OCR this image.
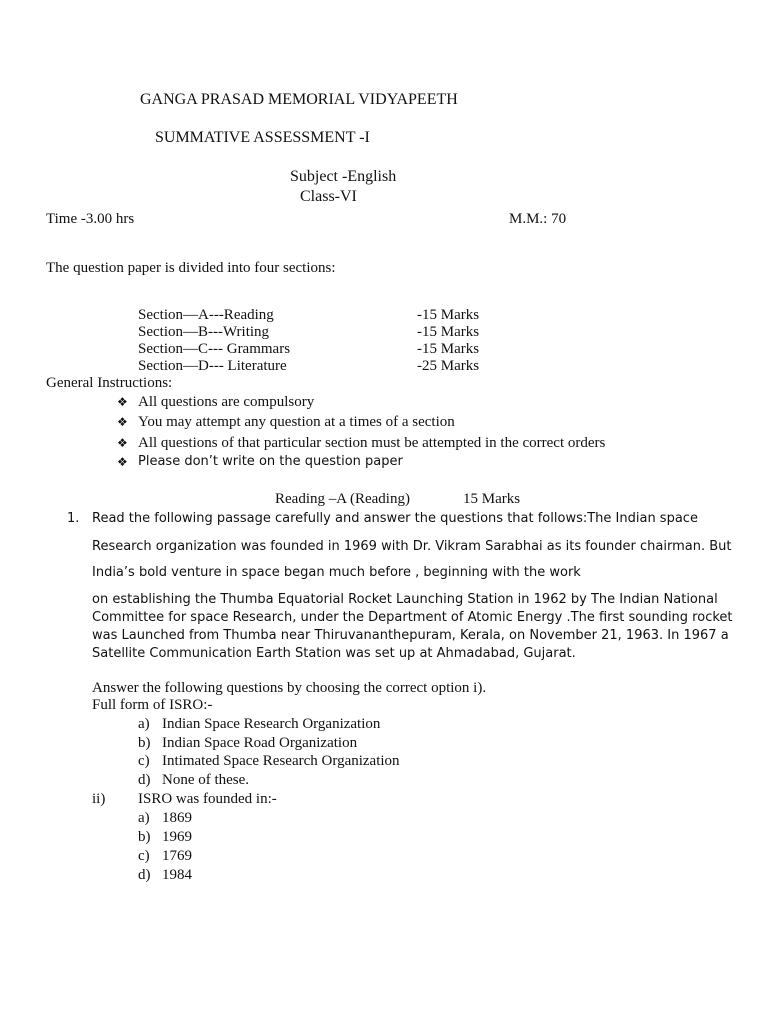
GANGA PRASAD MEMORIAL VIDYAPEETH
SUMMATIVE ASSESSMENT -I
Subject -English
Class-VI
Time -3.00 hrs	M.M.: 70
The question paper is divided into four sections:
Section—A---Reading	-15 Marks
Section—B---Writing	-15 Marks
Section—C--- Grammars	-15 Marks
Section—D--- Literature	-25 Marks
General Instructions:
❖ All questions are compulsory
❖ You may attempt any question at a times of a section
❖ All questions of that particular section must be attempted in the correct orders
❖ Please don’t write on the question paper
Reading –A (Reading)	15 Marks
1. Read the following passage carefully and answer the questions that follows:The Indian space
Research organization was founded in 1969 with Dr. Vikram Sarabhai as its founder chairman. But
India’s bold venture in space began much before , beginning with the work
on establishing the Thumba Equatorial Rocket Launching Station in 1962 by The Indian National
Committee for space Research, under the Department of Atomic Energy .The first sounding rocket
was Launched from Thumba near Thiruvananthepuram, Kerala, on November 21, 1963. In 1967 a
Satellite Communication Earth Station was set up at Ahmadabad, Gujarat.
Answer the following questions by choosing the correct option i).
Full form of ISRO:-
a) Indian Space Research Organization
b) Indian Space Road Organization
c) Intimated Space Research Organization
d) None of these.
ii) ISRO was founded in:-
a) 1869
b) 1969
c) 1769
d) 1984
